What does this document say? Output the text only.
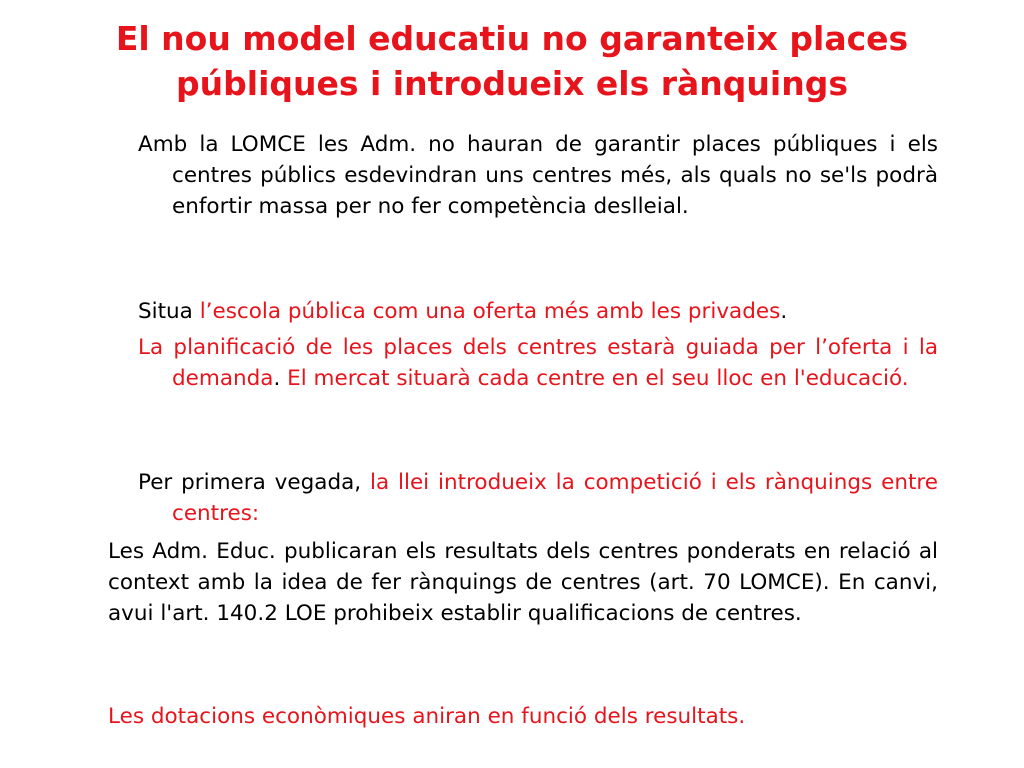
El nou model educatiu no garanteix places
públiques i introdueix els rànquings
Amb la LOMCE les Adm. no hauran de garantir places públiques i els centres públics esdevindran uns centres més, als quals no se'ls podrà enfortir massa per no fer competència deslleial.
Situa l’escola pública com una oferta més amb les privades.
La planificació de les places dels centres estarà guiada per l’oferta i la demanda. El mercat situarà cada centre en el seu lloc en l'educació.
Per primera vegada, la llei introdueix la competició i els rànquings entre centres:
Les Adm. Educ. publicaran els resultats dels centres ponderats en relació al context amb la idea de fer rànquings de centres (art. 70 LOMCE). En canvi, avui l'art. 140.2 LOE prohibeix establir qualificacions de centres.
Les dotacions econòmiques aniran en funció dels resultats.
